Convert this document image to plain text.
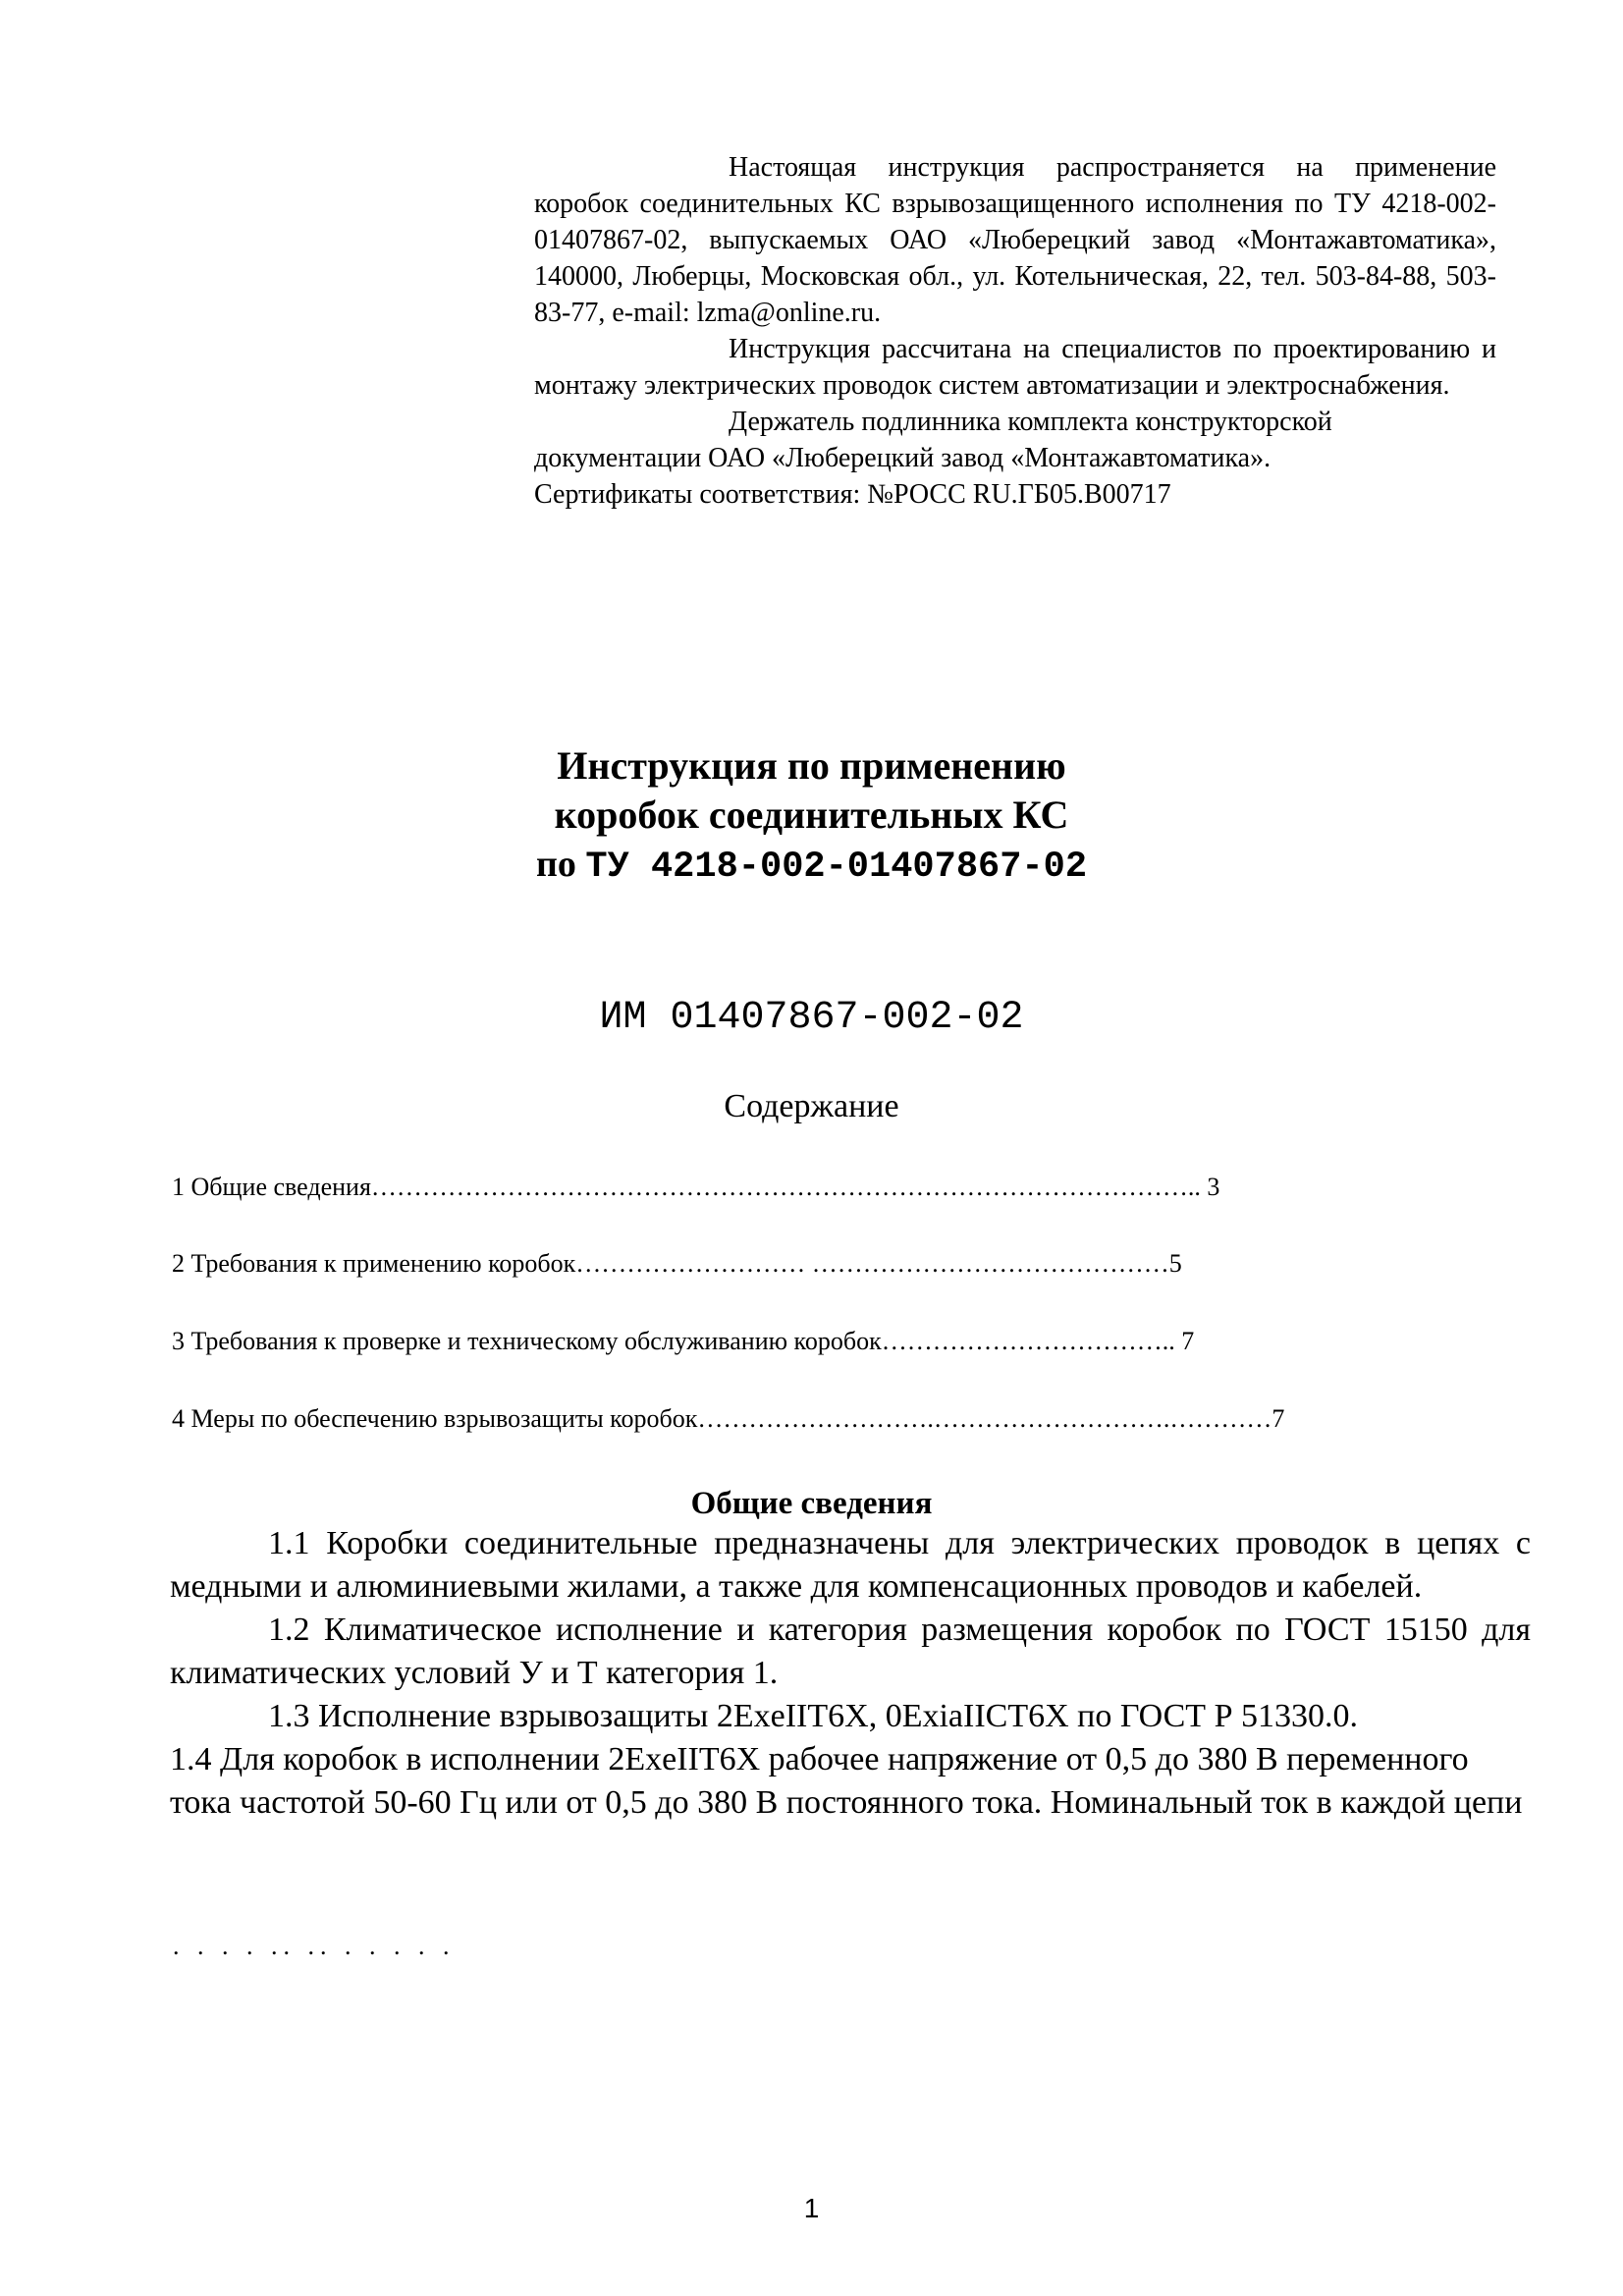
Настоящая инструкция распространяется на применение коробок соединительных КС взрывозащищенного исполнения по ТУ 4218-002-01407867-02, выпускаемых ОАО «Люберецкий завод «Монтажавтоматика», 140000, Люберцы, Московская обл., ул. Котельническая, 22, тел. 503-84-88, 503-83-77, e-mail: lzma@online.ru.

Инструкция рассчитана на специалистов по проектированию и монтажу электрических проводок систем автоматизации и электроснабжения.

Держатель подлинника комплекта конструкторской документации ОАО «Люберецкий завод «Монтажавтоматика».
Сертификаты соответствия: №РОСС RU.ГБ05.В00717

Инструкция по применению
коробок соединительных КС
по ТУ 4218-002-01407867-02
ИМ 01407867-002-02
Содержание
1 Общие сведения…………………………………………………………………………………….. 3
2 Требования к применению коробок……………………… ……………………………………5
3 Требования к проверке и техническому обслуживанию коробок…………………………….. 7
4 Меры по обеспечению взрывозащиты коробок……………………….……………………….…………7
Общие сведения

1.1 Коробки соединительные предназначены для электрических проводок в цепях с медными и алюминиевыми жилами, а также для компенсационных проводов и кабелей.

1.2 Климатическое исполнение и категория размещения коробок по ГОСТ 15150 для климатических условий У и Т категория 1.

1.3 Исполнение взрывозащиты 2ExeIIT6X, 0ExiaIICT6X по ГОСТ Р 51330.0.

1.4 Для коробок в исполнении 2ExeIIT6X рабочее напряжение от 0,5 до 380 В переменного тока частотой 50-60 Гц или от 0,5 до 380 В постоянного тока. Номинальный ток в каждой цепи

. . . . .. .. . . . . .
1
